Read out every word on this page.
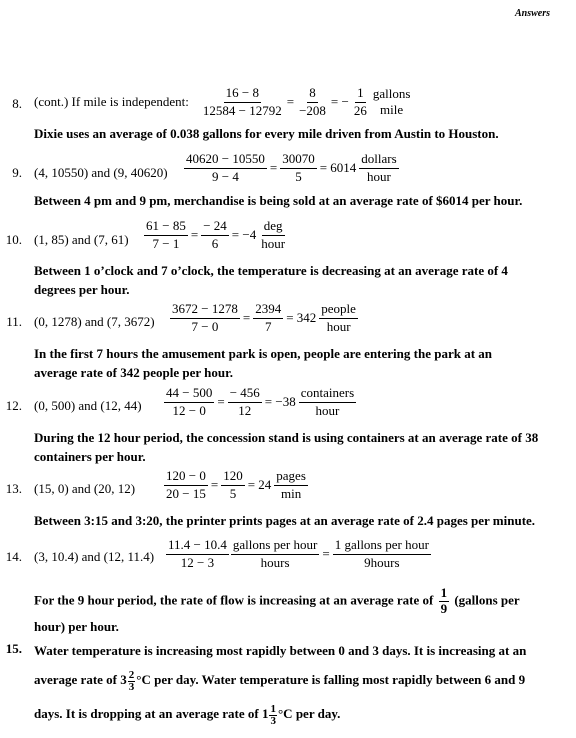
Answers
8. (cont.) If mile is independent: $\frac{16 - 8}{12584 - 12792} = \frac{8}{-208}$ = − $\frac{1}{26}$ gallons
mile
Dixie uses an average of 0.038 gallons for every mile driven from Austin to Houston.
9. (4, 10550) and (9, $40620) \frac{40620 - 10550}{9 - 4} = \frac{30070}{5} = 6014 \frac{\text{dollars}}{\text{hour}}$
Between 4 pm and 9 pm, merchandise is being sold at an average rate of $6014 per hour.
10. (1, 85) and (7, $61) \frac{61 - 85}{7 - 1} = \frac{- 24}{6} = -4 \frac{\text{deg}}{\text{hour}}$
Between 1 o’clock and 7 o’clock, the temperature is decreasing at an average rate of 4 degrees per hour.
11. (0, 1278) and (7, $3672) \frac{3672 - 1278}{7 - 0} = \frac{2394}{7} = 342 \frac{\text{people}}{\text{hour}}$
In the first 7 hours the amusement park is open, people are entering the park at an average rate of 342 people per hour.
12. (0, 500) and (12, $44) \frac{44 - 500}{12 - 0} = \frac{- 456}{12} = -38 \frac{\text{containers}}{\text{hour}}$
During the 12 hour period, the concession stand is using containers at an average rate of 38 containers per hour.
13. (15, 0) and (20, $12) \frac{120 - 0}{20 - 15} = \frac{120}{5} = 24 \frac{\text{pages}}{\min}$
Between 3:15 and 3:20, the printer prints pages at an average rate of 2.4 pages per minute.
14. (3, 10.4) and (12, $11.4) \frac{11.4 - 10.4}{12 - 3} \frac{\text{gallons per hour}}{\text{hours}} = \frac{\text{1 gallons per hour}}{\text{9hours}}$
For the 9 hour period, the rate of flow is increasing at an average rate of $\frac{1}{9}$ (gallons per
hour) per hour.
15. Water temperature is increasing most rapidly between 0 and 3 days. It is increasing at an
average rate of $3 \frac{2}{3} ^\circ C$ per day. Water temperature is falling most rapidly between 6 and 9
days. It is dropping at an average rate of $1 \frac{1}{3} ^\circ C$ per day.
